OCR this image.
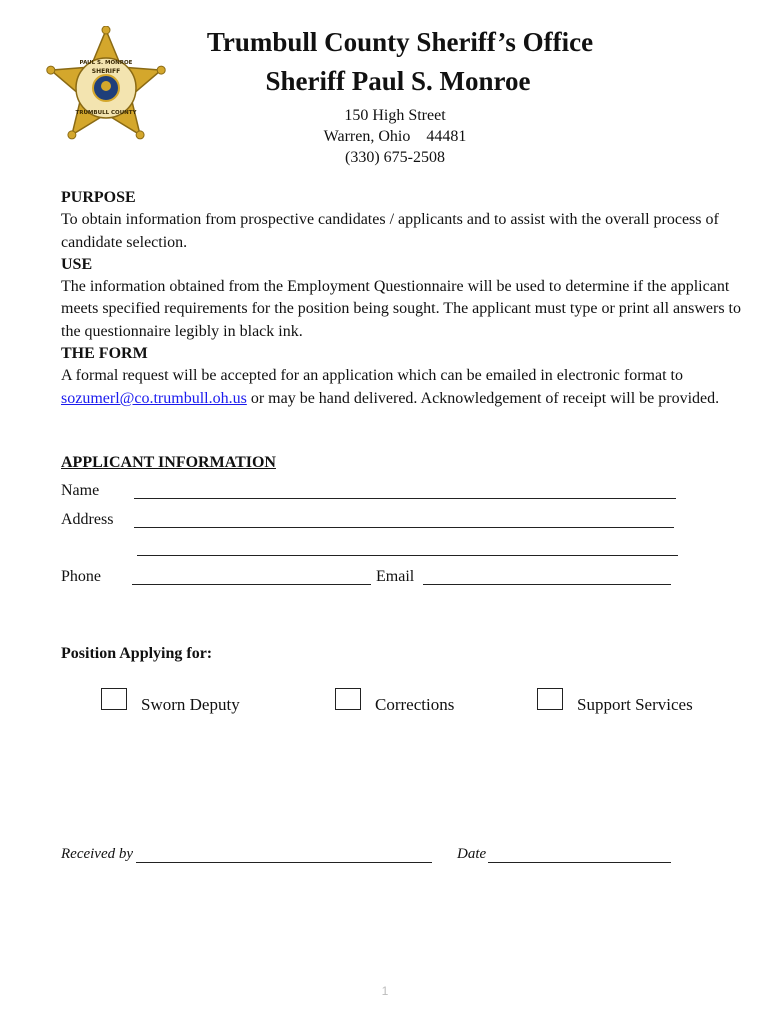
PAUL S. MONROE
SHERIFF
TRUMBULL COUNTY
Trumbull County Sheriff’s Office
Sheriff Paul S. Monroe
150 High Street
Warren, Ohio    44481
(330) 675-2508
PURPOSE
To obtain information from prospective candidates / applicants and to assist with the overall process of candidate selection.
USE
The information obtained from the Employment Questionnaire will be used to determine if the applicant meets specified requirements for the position being sought. The applicant must type or print all answers to the questionnaire legibly in black ink.
THE FORM
A formal request will be accepted for an application which can be emailed in electronic format to sozumerl@co.trumbull.oh.us or may be hand delivered. Acknowledgement of receipt will be provided.
APPLICANT INFORMATION
Name
Address
Phone	Email
Position Applying for:
Sworn Deputy	Corrections	Support Services
Received by	Date
1
